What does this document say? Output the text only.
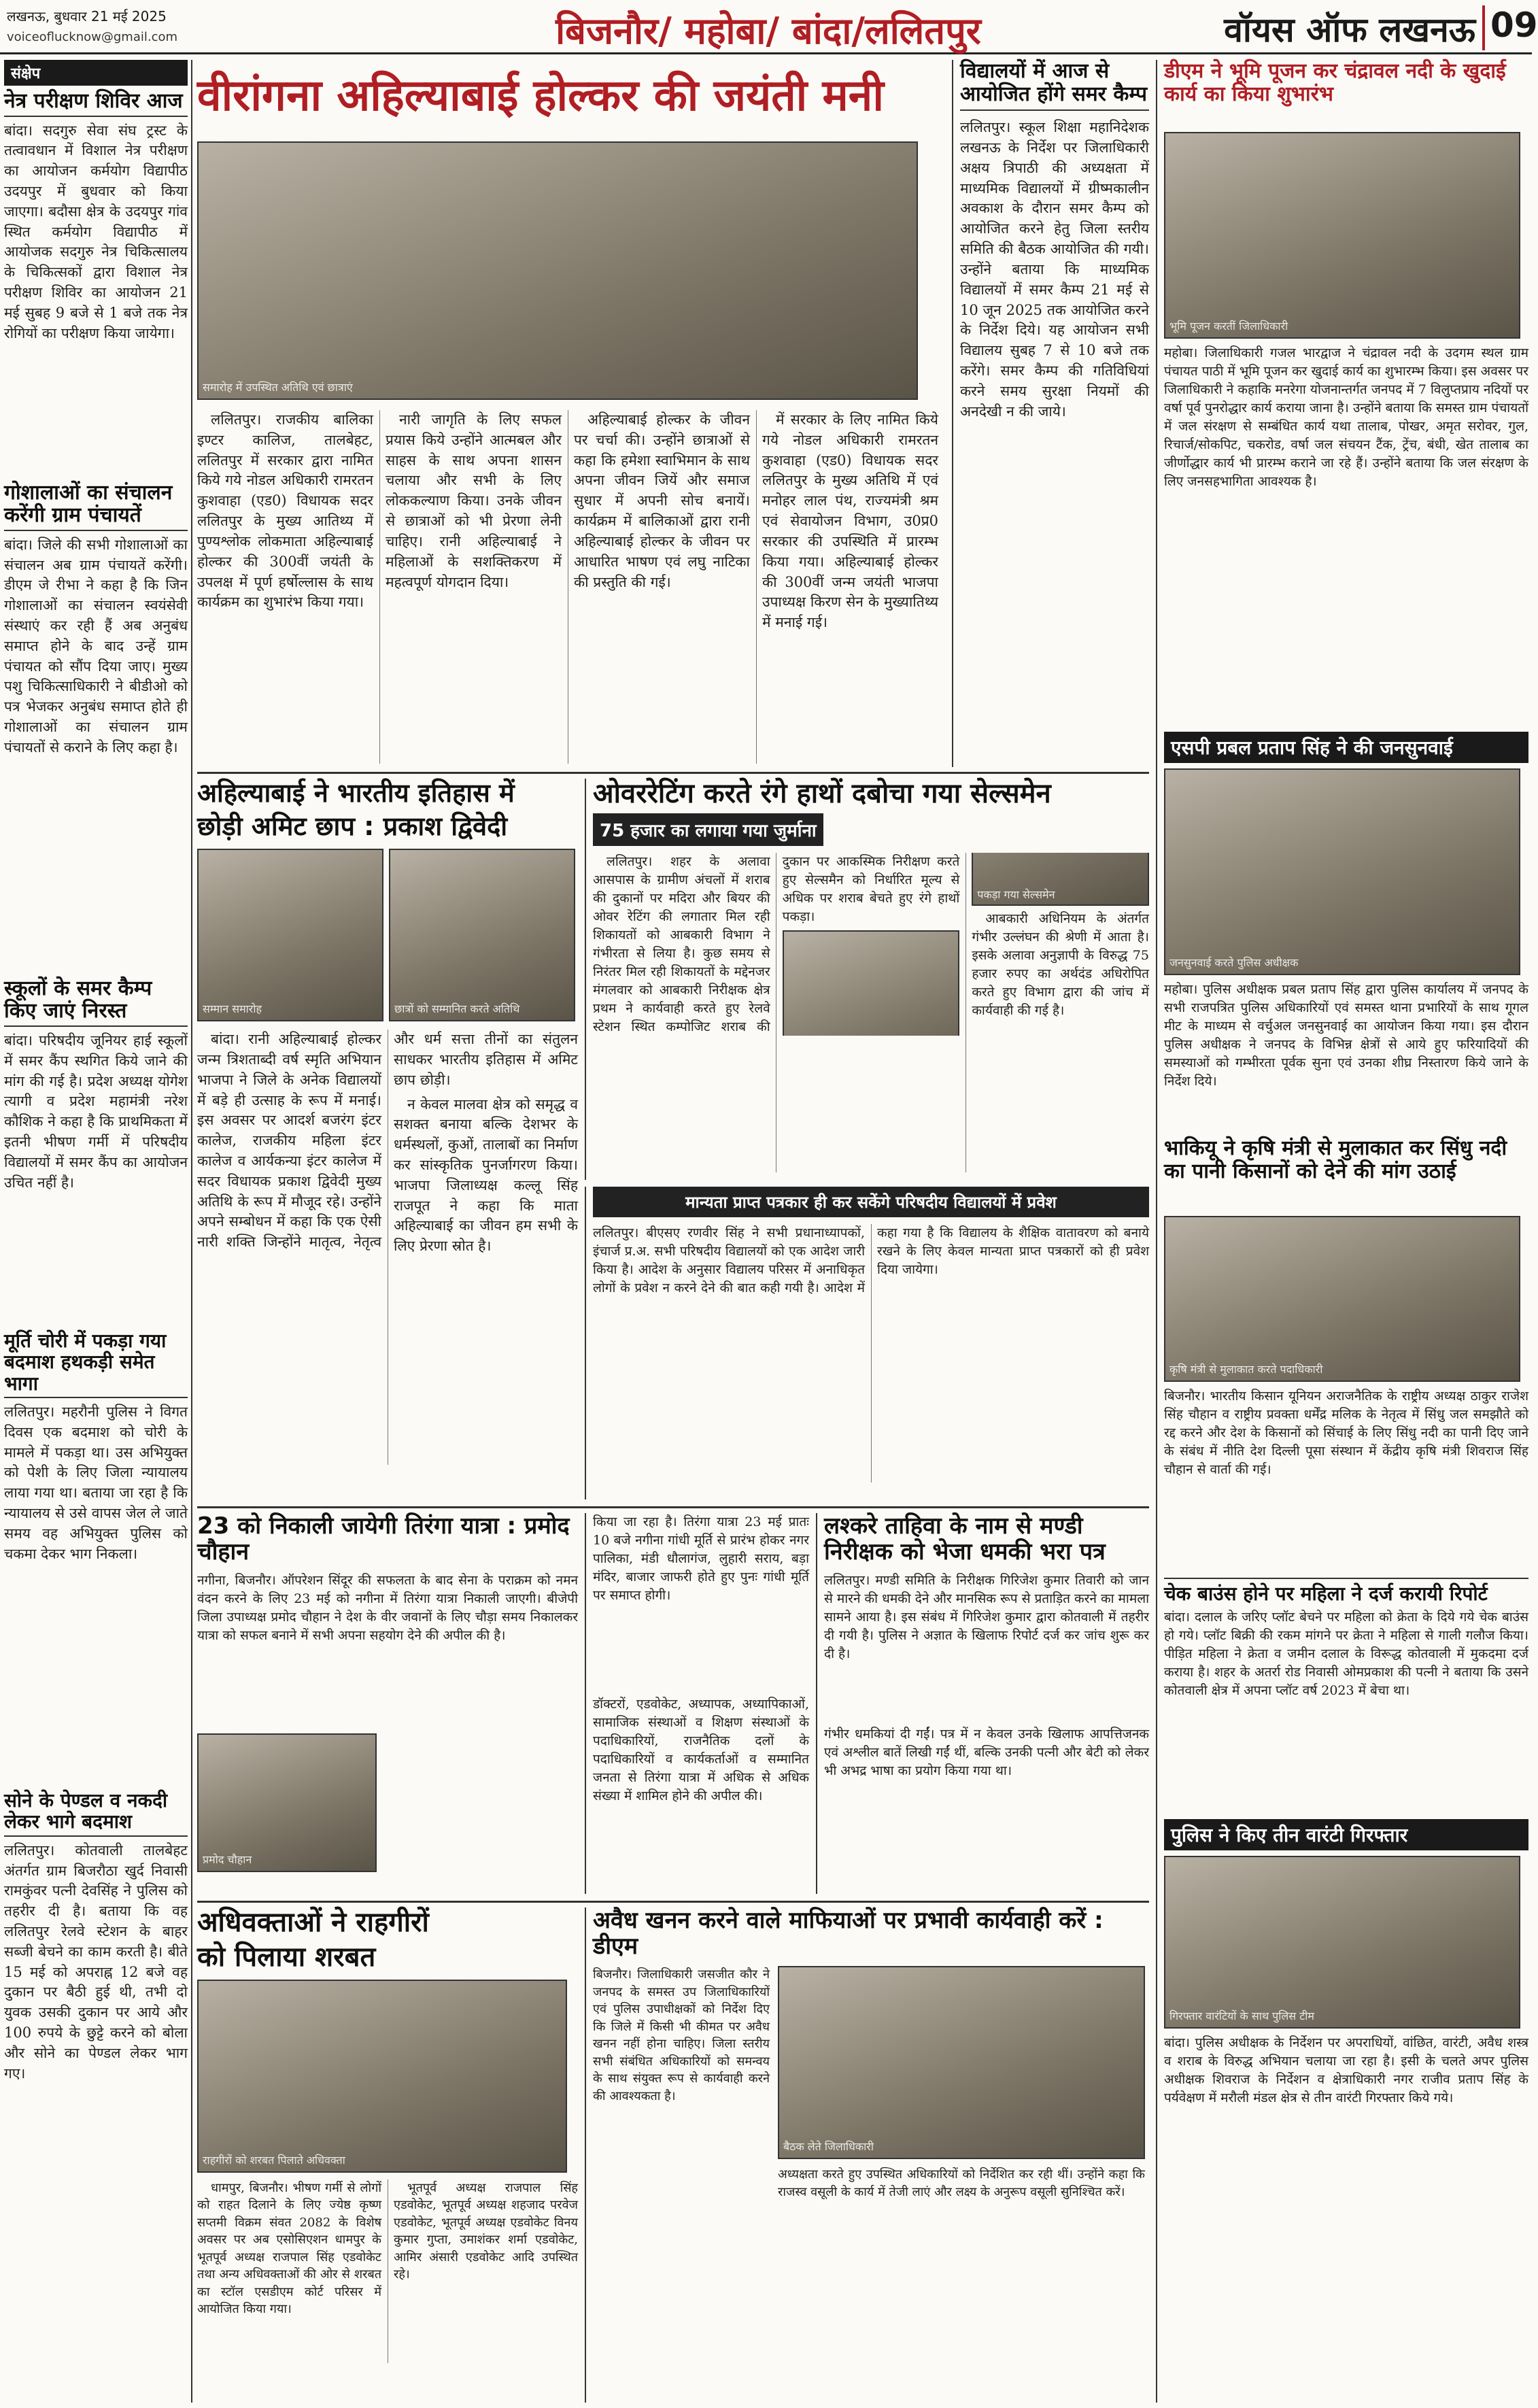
लखनऊ, बुधवार 21 मई 2025
voiceoflucknow@gmail.com	बिजनौर/ महोबा/ बांदा/ललितपुर	वॉयस ऑफ लखनऊ 09
संक्षेप
नेत्र परीक्षण शिविर आज
बांदा। सदगुरु सेवा संघ ट्रस्ट के तत्वावधान में विशाल नेत्र परीक्षण का आयोजन कर्मयोग विद्यापीठ उदयपुर में बुधवार को किया जाएगा। बदौसा क्षेत्र के उदयपुर गांव स्थित कर्मयोग विद्यापीठ में आयोजक सदगुरु नेत्र चिकित्सालय के चिकित्सकों द्वारा विशाल नेत्र परीक्षण शिविर का आयोजन 21 मई सुबह 9 बजे से 1 बजे तक नेत्र रोगियों का परीक्षण किया जायेगा।
गोशालाओं का संचालन करेंगी ग्राम पंचायतें
बांदा। जिले की सभी गोशालाओं का संचालन अब ग्राम पंचायतें करेंगी। डीएम जे रीभा ने कहा है कि जिन गोशालाओं का संचालन स्वयंसेवी संस्थाएं कर रही हैं अब अनुबंध समाप्त होने के बाद उन्हें ग्राम पंचायत को सौंप दिया जाए। मुख्य पशु चिकित्साधिकारी ने बीडीओ को पत्र भेजकर अनुबंध समाप्त होते ही गोशालाओं का संचालन ग्राम पंचायतों से कराने के लिए कहा है।
स्कूलों के समर कैम्प किए जाएं निरस्त
बांदा। परिषदीय जूनियर हाई स्कूलों में समर कैंप स्थगित किये जाने की मांग की गई है। प्रदेश अध्यक्ष योगेश त्यागी व प्रदेश महामंत्री नरेश कौशिक ने कहा है कि प्राथमिकता में इतनी भीषण गर्मी में परिषदीय विद्यालयों में समर कैंप का आयोजन उचित नहीं है।
मूर्ति चोरी में पकड़ा गया बदमाश हथकड़ी समेत भागा
ललितपुर। महरौनी पुलिस ने विगत दिवस एक बदमाश को चोरी के मामले में पकड़ा था। उस अभियुक्त को पेशी के लिए जिला न्यायालय लाया गया था। बताया जा रहा है कि न्यायालय से उसे वापस जेल ले जाते समय वह अभियुक्त पुलिस को चकमा देकर भाग निकला।
सोने के पेण्डल व नकदी लेकर भागे बदमाश
ललितपुर। कोतवाली तालबेहट अंतर्गत ग्राम बिजरौठा खुर्द निवासी रामकुंवर पत्नी देवसिंह ने पुलिस को तहरीर दी है। बताया कि वह ललितपुर रेलवे स्टेशन के बाहर सब्जी बेचने का काम करती है। बीते 15 मई को अपराह्न 12 बजे वह दुकान पर बैठी हुई थी, तभी दो युवक उसकी दुकान पर आये और 100 रुपये के छुट्टे करने को बोला और सोने का पेण्डल लेकर भाग गए।
वीरांगना अहिल्याबाई होल्कर की जयंती मनी
समारोह में उपस्थित अतिथि एवं छात्राएं

ललितपुर। राजकीय बालिका इण्टर कालिज, तालबेहट, ललितपुर में सरकार द्वारा नामित किये गये नोडल अधिकारी रामरतन कुशवाहा (एड0) विधायक सदर ललितपुर के मुख्य आतिथ्य में पुण्यश्लोक लोकमाता अहिल्याबाई होल्कर की 300वीं जयंती के उपलक्ष में पूर्ण हर्षोल्लास के साथ कार्यक्रम का शुभारंभ किया गया।

नारी जागृति के लिए सफल प्रयास किये उन्होंने आत्मबल और साहस के साथ अपना शासन चलाया और सभी के लिए लोककल्याण किया। उनके जीवन से छात्राओं को भी प्रेरणा लेनी चाहिए। रानी अहिल्याबाई ने महिलाओं के सशक्तिकरण में महत्वपूर्ण योगदान दिया।

अहिल्याबाई होल्कर के जीवन पर चर्चा की। उन्होंने छात्राओं से कहा कि हमेशा स्वाभिमान के साथ अपना जीवन जियें और समाज सुधार में अपनी सोच बनायें। कार्यक्रम में बालिकाओं द्वारा रानी अहिल्याबाई होल्कर के जीवन पर आधारित भाषण एवं लघु नाटिका की प्रस्तुति की गई।

में सरकार के लिए नामित किये गये नोडल अधिकारी रामरतन कुशवाहा (एड0) विधायक सदर ललितपुर के मुख्य अतिथि में एवं मनोहर लाल पंथ, राज्यमंत्री श्रम एवं सेवायोजन विभाग, उ0प्र0 सरकार की उपस्थिति में प्रारम्भ किया गया। अहिल्याबाई होल्कर की 300वीं जन्म जयंती भाजपा उपाध्यक्ष किरण सेन के मुख्यातिथ्य में मनाई गई।

विद्यालयों में आज से आयोजित होंगे समर कैम्प
ललितपुर। स्कूल शिक्षा महानिदेशक लखनऊ के निर्देश पर जिलाधिकारी अक्षय त्रिपाठी की अध्यक्षता में माध्यमिक विद्यालयों में ग्रीष्मकालीन अवकाश के दौरान समर कैम्प को आयोजित करने हेतु जिला स्तरीय समिति की बैठक आयोजित की गयी। उन्होंने बताया कि माध्यमिक विद्यालयों में समर कैम्प 21 मई से 10 जून 2025 तक आयोजित करने के निर्देश दिये। यह आयोजन सभी विद्यालय सुबह 7 से 10 बजे तक करेंगे। समर कैम्प की गतिविधियां करने समय सुरक्षा नियमों की अनदेखी न की जाये।
डीएम ने भूमि पूजन कर चंद्रावल नदी के खुदाई कार्य का किया शुभारंभ
भूमि पूजन करतीं जिलाधिकारी
महोबा। जिलाधिकारी गजल भारद्वाज ने चंद्रावल नदी के उदगम स्थल ग्राम पंचायत पाठी में भूमि पूजन कर खुदाई कार्य का शुभारम्भ किया। इस अवसर पर जिलाधिकारी ने कहाकि मनरेगा योजनान्तर्गत जनपद में 7 विलुप्तप्राय नदियों पर वर्षा पूर्व पुनरोद्धार कार्य कराया जाना है। उन्होंने बताया कि समस्त ग्राम पंचायतों में जल संरक्षण से सम्बंधित कार्य यथा तालाब, पोखर, अमृत सरोवर, गुल, रिचार्ज/सोकपिट, चकरोड, वर्षा जल संचयन टैंक, ट्रेंच, बंधी, खेत तालाब का जीर्णोद्धार कार्य भी प्रारम्भ कराने जा रहे हैं। उन्होंने बताया कि जल संरक्षण के लिए जनसहभागिता आवश्यक है।
एसपी प्रबल प्रताप सिंह ने की जनसुनवाई
जनसुनवाई करते पुलिस अधीक्षक
महोबा। पुलिस अधीक्षक प्रबल प्रताप सिंह द्वारा पुलिस कार्यालय में जनपद के सभी राजपत्रित पुलिस अधिकारियों एवं समस्त थाना प्रभारियों के साथ गूगल मीट के माध्यम से वर्चुअल जनसुनवाई का आयोजन किया गया। इस दौरान पुलिस अधीक्षक ने जनपद के विभिन्न क्षेत्रों से आये हुए फरियादियों की समस्याओं को गम्भीरता पूर्वक सुना एवं उनका शीघ्र निस्तारण किये जाने के निर्देश दिये।
भाकियू ने कृषि मंत्री से मुलाकात कर सिंधु नदी का पानी किसानों को देने की मांग उठाई
कृषि मंत्री से मुलाकात करते पदाधिकारी
बिजनौर। भारतीय किसान यूनियन अराजनैतिक के राष्ट्रीय अध्यक्ष ठाकुर राजेश सिंह चौहान व राष्ट्रीय प्रवक्ता धर्मेंद्र मलिक के नेतृत्व में सिंधु जल समझौते को रद्द करने और देश के किसानों को सिंचाई के लिए सिंधु नदी का पानी दिए जाने के संबंध में नीति देश दिल्ली पूसा संस्थान में केंद्रीय कृषि मंत्री शिवराज सिंह चौहान से वार्ता की गई।
चेक बाउंस होने पर महिला ने दर्ज करायी रिपोर्ट
बांदा। दलाल के जरिए प्लॉट बेचने पर महिला को क्रेता के दिये गये चेक बाउंस हो गये। प्लॉट बिक्री की रकम मांगने पर क्रेता ने महिला से गाली गलौज किया। पीड़ित महिला ने क्रेता व जमीन दलाल के विरूद्ध कोतवाली में मुकदमा दर्ज कराया है। शहर के अतर्रा रोड निवासी ओमप्रकाश की पत्नी ने बताया कि उसने कोतवाली क्षेत्र में अपना प्लॉट वर्ष 2023 में बेचा था।
पुलिस ने किए तीन वारंटी गिरफ्तार
गिरफ्तार वारंटियों के साथ पुलिस टीम
बांदा। पुलिस अधीक्षक के निर्देशन पर अपराधियों, वांछित, वारंटी, अवैध शस्त्र व शराब के विरुद्ध अभियान चलाया जा रहा है। इसी के चलते अपर पुलिस अधीक्षक शिवराज के निर्देशन व क्षेत्राधिकारी नगर राजीव प्रताप सिंह के पर्यवेक्षण में मरौली मंडल क्षेत्र से तीन वारंटी गिरफ्तार किये गये।
अहिल्याबाई ने भारतीय इतिहास में
छोड़ी अमिट छाप : प्रकाश द्विवेदी
सम्मान समारोह	छात्रों को सम्मानित करते अतिथि

बांदा। रानी अहिल्याबाई होल्कर जन्म त्रिशताब्दी वर्ष स्मृति अभियान भाजपा ने जिले के अनेक विद्यालयों में बड़े ही उत्साह के रूप में मनाई। इस अवसर पर आदर्श बजरंग इंटर कालेज, राजकीय महिला इंटर कालेज व आर्यकन्या इंटर कालेज में सदर विधायक प्रकाश द्विवेदी मुख्य अतिथि के रूप में मौजूद रहे। उन्होंने अपने सम्बोधन में कहा कि एक ऐसी नारी शक्ति जिन्होंने मातृत्व, नेतृत्व और धर्म सत्ता तीनों का संतुलन साधकर भारतीय इतिहास में अमिट छाप छोड़ी।

न केवल मालवा क्षेत्र को समृद्ध व सशक्त बनाया बल्कि देशभर के धर्मस्थलों, कुओं, तालाबों का निर्माण कर सांस्कृतिक पुनर्जागरण किया। भाजपा जिलाध्यक्ष कल्लू सिंह राजपूत ने कहा कि माता अहिल्याबाई का जीवन हम सभी के लिए प्रेरणा स्रोत है।

ओवररेटिंग करते रंगे हाथों दबोचा गया सेल्समेन
75 हजार का लगाया गया जुर्माना

ललितपुर। शहर के अलावा आसपास के ग्रामीण अंचलों में शराब की दुकानों पर मदिरा और बियर की ओवर रेटिंग की लगातार मिल रही शिकायतों को आबकारी विभाग ने गंभीरता से लिया है। कुछ समय से निरंतर मिल रही शिकायतों के मद्देनजर मंगलवार को आबकारी निरीक्षक क्षेत्र प्रथम ने कार्यवाही करते हुए रेलवे स्टेशन स्थित कम्पोजिट शराब की दुकान पर आकस्मिक निरीक्षण करते हुए सेल्समैन को निर्धारित मूल्य से अधिक पर शराब बेचते हुए रंगे हाथों पकड़ा।

पकड़ा गया सेल्समेन

आबकारी अधिनियम के अंतर्गत गंभीर उल्लंघन की श्रेणी में आता है। इसके अलावा अनुज्ञापी के विरुद्ध 75 हजार रुपए का अर्थदंड अधिरोपित करते हुए विभाग द्वारा की जांच में कार्यवाही की गई है।

मान्यता प्राप्त पत्रकार ही कर सकेंगे परिषदीय विद्यालयों में प्रवेश
ललितपुर। बीएसए रणवीर सिंह ने सभी प्रधानाध्यापकों, इंचार्ज प्र.अ. सभी परिषदीय विद्यालयों को एक आदेश जारी किया है। आदेश के अनुसार विद्यालय परिसर में अनाधिकृत लोगों के प्रवेश न करने देने की बात कही गयी है। आदेश में कहा गया है कि विद्यालय के शैक्षिक वातावरण को बनाये रखने के लिए केवल मान्यता प्राप्त पत्रकारों को ही प्रवेश दिया जायेगा।
23 को निकाली जायेगी तिरंगा यात्रा : प्रमोद चौहान
नगीना, बिजनौर। ऑपरेशन सिंदूर की सफलता के बाद सेना के पराक्रम को नमन वंदन करने के लिए 23 मई को नगीना में तिरंगा यात्रा निकाली जाएगी। बीजेपी जिला उपाध्यक्ष प्रमोद चौहान ने देश के वीर जवानों के लिए चौड़ा समय निकालकर यात्रा को सफल बनाने में सभी अपना सहयोग देने की अपील की है।
प्रमोद चौहान
किया जा रहा है। तिरंगा यात्रा 23 मई प्रातः 10 बजे नगीना गांधी मूर्ति से प्रारंभ होकर नगर पालिका, मंडी धौलागंज, लुहारी सराय, बड़ा मंदिर, बाजार जाफरी होते हुए पुनः गांधी मूर्ति पर समाप्त होगी।
डॉक्टरों, एडवोकेट, अध्यापक, अध्यापिकाओं, सामाजिक संस्थाओं व शिक्षण संस्थाओं के पदाधिकारियों, राजनैतिक दलों के पदाधिकारियों व कार्यकर्ताओं व सम्मानित जनता से तिरंगा यात्रा में अधिक से अधिक संख्या में शामिल होने की अपील की।
लश्करे ताहिवा के नाम से मण्डी निरीक्षक को भेजा धमकी भरा पत्र
ललितपुर। मण्डी समिति के निरीक्षक गिरिजेश कुमार तिवारी को जान से मारने की धमकी देने और मानसिक रूप से प्रताड़ित करने का मामला सामने आया है। इस संबंध में गिरिजेश कुमार द्वारा कोतवाली में तहरीर दी गयी है। पुलिस ने अज्ञात के खिलाफ रिपोर्ट दर्ज कर जांच शुरू कर दी है।
गंभीर धमकियां दी गईं। पत्र में न केवल उनके खिलाफ आपत्तिजनक एवं अश्लील बातें लिखी गईं थीं, बल्कि उनकी पत्नी और बेटी को लेकर भी अभद्र भाषा का प्रयोग किया गया था।
अधिवक्ताओं ने राहगीरों
को पिलाया शरबत
राहगीरों को शरबत पिलाते अधिवक्ता

धामपुर, बिजनौर। भीषण गर्मी से लोगों को राहत दिलाने के लिए ज्येष्ठ कृष्ण सप्तमी विक्रम संवत 2082 के विशेष अवसर पर अब एसोसिएशन धामपुर के भूतपूर्व अध्यक्ष राजपाल सिंह एडवोकेट तथा अन्य अधिवक्ताओं की ओर से शरबत का स्टॉल एसडीएम कोर्ट परिसर में आयोजित किया गया।

भूतपूर्व अध्यक्ष राजपाल सिंह एडवोकेट, भूतपूर्व अध्यक्ष शहजाद परवेज एडवोकेट, भूतपूर्व अध्यक्ष एडवोकेट विनय कुमार गुप्ता, उमाशंकर शर्मा एडवोकेट, आमिर अंसारी एडवोकेट आदि उपस्थित रहे।

अवैध खनन करने वाले माफियाओं पर प्रभावी कार्यवाही करें : डीएम
बिजनौर। जिलाधिकारी जसजीत कौर ने जनपद के समस्त उप जिलाधिकारियों एवं पुलिस उपाधीक्षकों को निर्देश दिए कि जिले में किसी भी कीमत पर अवैध खनन नहीं होना चाहिए। जिला स्तरीय सभी संबंधित अधिकारियों को समन्वय के साथ संयुक्त रूप से कार्यवाही करने की आवश्यकता है।
बैठक लेते जिलाधिकारी
अध्यक्षता करते हुए उपस्थित अधिकारियों को निर्देशित कर रही थीं। उन्होंने कहा कि राजस्व वसूली के कार्य में तेजी लाएं और लक्ष्य के अनुरूप वसूली सुनिश्चित करें।
